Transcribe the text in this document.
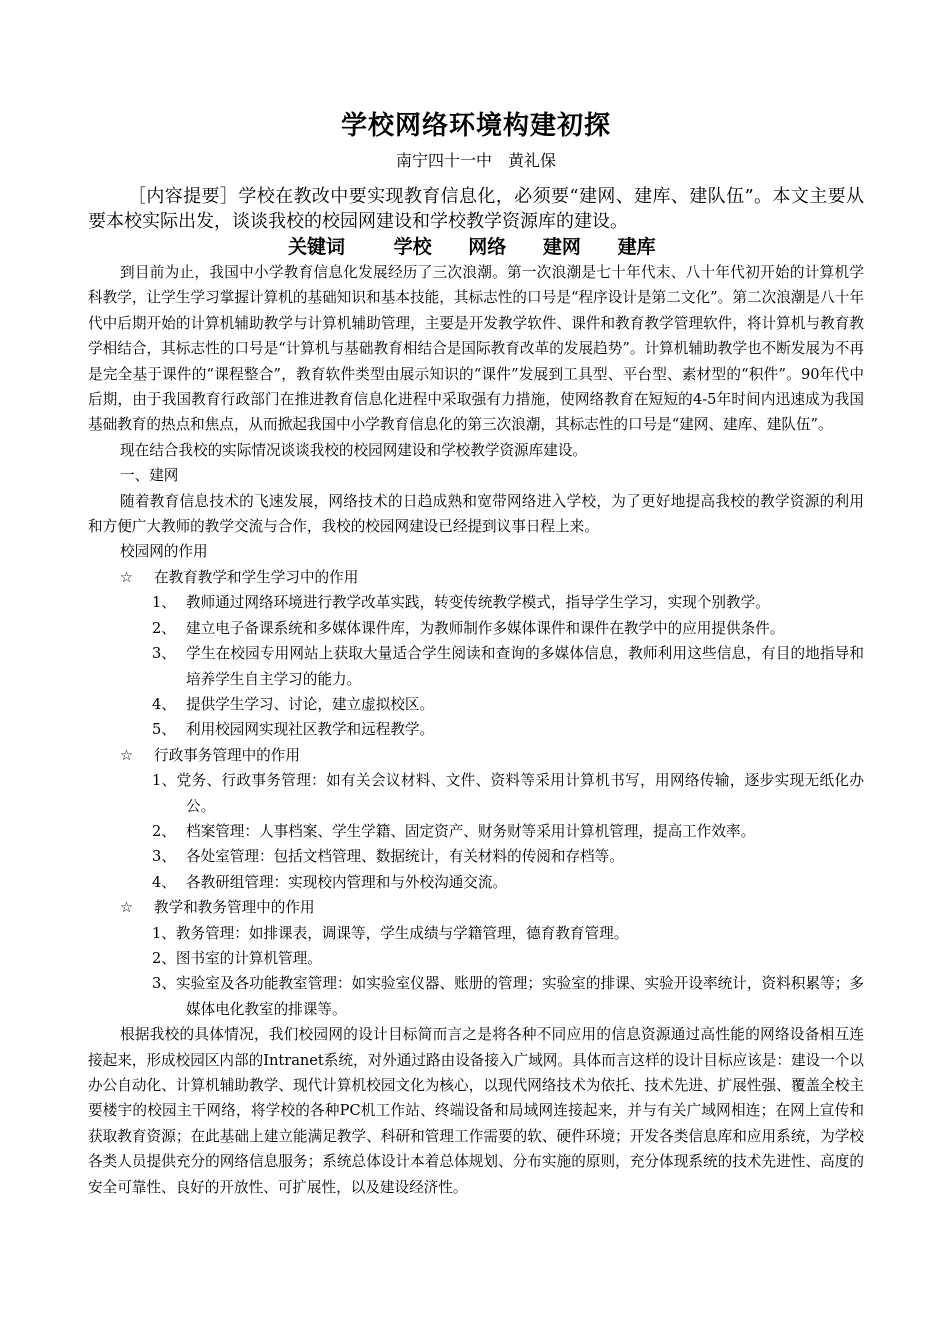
学校网络环境构建初探
南宁四十一中　黄礼保

［内容提要］学校在教改中要实现教育信息化，必须要“建网、建库、建队伍”。本文主要从要本校实际出发，谈谈我校的校园网建设和学校教学资源库的建设。

关键词	学校 网络 建网 建库

到目前为止，我国中小学教育信息化发展经历了三次浪潮。第一次浪潮是七十年代末、八十年代初开始的计算机学科教学，让学生学习掌握计算机的基础知识和基本技能，其标志性的口号是“程序设计是第二文化”。第二次浪潮是八十年代中后期开始的计算机辅助教学与计算机辅助管理，主要是开发教学软件、课件和教育教学管理软件，将计算机与教育教学相结合，其标志性的口号是“计算机与基础教育相结合是国际教育改革的发展趋势”。计算机辅助教学也不断发展为不再是完全基于课件的“课程整合”，教育软件类型由展示知识的“课件”发展到工具型、平台型、素材型的“积件”。90年代中后期，由于我国教育行政部门在推进教育信息化进程中采取强有力措施，使网络教育在短短的4-5年时间内迅速成为我国基础教育的热点和焦点，从而掀起我国中小学教育信息化的第三次浪潮，其标志性的口号是“建网、建库、建队伍”。

现在结合我校的实际情况谈谈我校的校园网建设和学校教学资源库建设。

一、建网

随着教育信息技术的飞速发展，网络技术的日趋成熟和宽带网络进入学校，为了更好地提高我校的教学资源的利用和方便广大教师的教学交流与合作，我校的校园网建设已经提到议事日程上来。

校园网的作用

☆ 在教育教学和学生学习中的作用

1、 教师通过网络环境进行教学改革实践，转变传统教学模式，指导学生学习，实现个别教学。

2、 建立电子备课系统和多媒体课件库，为教师制作多媒体课件和课件在教学中的应用提供条件。

3、 学生在校园专用网站上获取大量适合学生阅读和查询的多媒体信息，教师利用这些信息，有目的地指导和培养学生自主学习的能力。

4、 提供学生学习、讨论，建立虚拟校区。

5、 利用校园网实现社区教学和远程教学。

☆ 行政事务管理中的作用

1、党务、行政事务管理：如有关会议材料、文件、资料等采用计算机书写，用网络传输，逐步实现无纸化办公。

2、 档案管理：人事档案、学生学籍、固定资产、财务财等采用计算机管理，提高工作效率。

3、 各处室管理：包括文档管理、数据统计，有关材料的传阅和存档等。

4、 各教研组管理：实现校内管理和与外校沟通交流。

☆ 教学和教务管理中的作用

1、教务管理：如排课表，调课等，学生成绩与学籍管理，德育教育管理。

2、图书室的计算机管理。

3、实验室及各功能教室管理：如实验室仪器、账册的管理；实验室的排课、实验开设率统计，资料积累等；多媒体电化教室的排课等。

根据我校的具体情况，我们校园网的设计目标简而言之是将各种不同应用的信息资源通过高性能的网络设备相互连接起来，形成校园区内部的Intranet系统，对外通过路由设备接入广域网。具体而言这样的设计目标应该是：建设一个以办公自动化、计算机辅助教学、现代计算机校园文化为核心，以现代网络技术为依托、技术先进、扩展性强、覆盖全校主要楼宇的校园主干网络，将学校的各种PC机工作站、终端设备和局域网连接起来，并与有关广域网相连；在网上宣传和获取教育资源；在此基础上建立能满足教学、科研和管理工作需要的软、硬件环境；开发各类信息库和应用系统，为学校各类人员提供充分的网络信息服务；系统总体设计本着总体规划、分布实施的原则，充分体现系统的技术先进性、高度的安全可靠性、良好的开放性、可扩展性，以及建设经济性。
